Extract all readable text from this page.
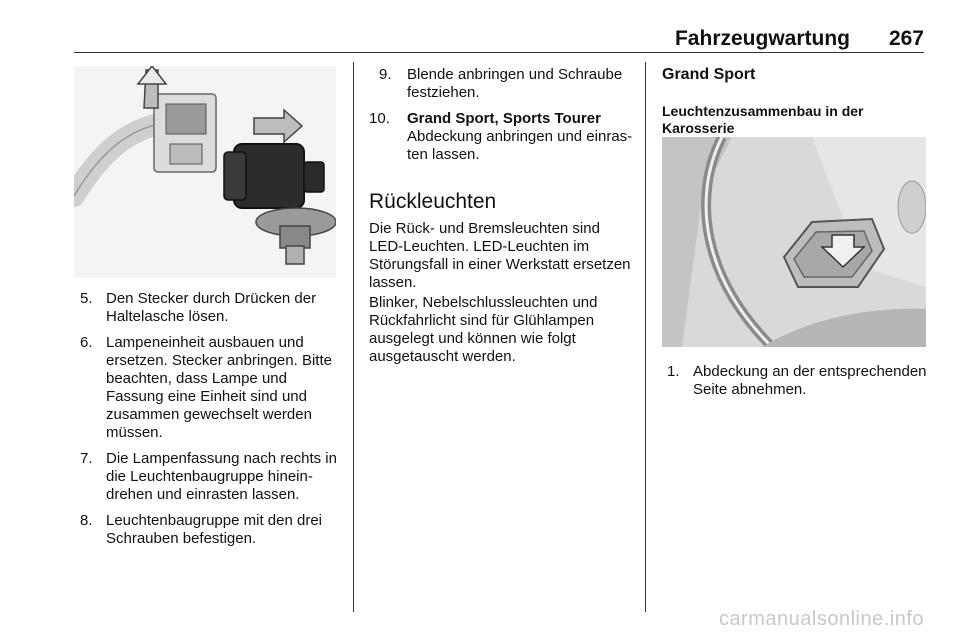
Fahrzeugwartung 267
5. Den Stecker durch Drücken der Haltelasche lösen.
6. Lampeneinheit ausbauen und ersetzen. Stecker anbringen. Bitte beachten, dass Lampe und Fassung eine Einheit sind und zusammen gewechselt werden müssen.
7. Die Lampenfassung nach rechts in die Leuchtenbaugruppe hineindrehen und einrasten lassen.
8. Leuchtenbaugruppe mit den drei Schrauben befestigen.
9. Blende anbringen und Schraube festziehen.
10. Grand Sport, Sports Tourer
Abdeckung anbringen und einrasten lassen.
Rückleuchten

Die Rück- und Bremsleuchten sind LED-Leuchten. LED-Leuchten im Störungsfall in einer Werkstatt ersetzen lassen.

Blinker, Nebelschlussleuchten und Rückfahrlicht sind für Glühlampen ausgelegt und können wie folgt ausgetauscht werden.

Grand Sport
Leuchtenzusammenbau in der Karosserie
1. Abdeckung an der entsprechenden Seite abnehmen.
carmanualsonline.info
